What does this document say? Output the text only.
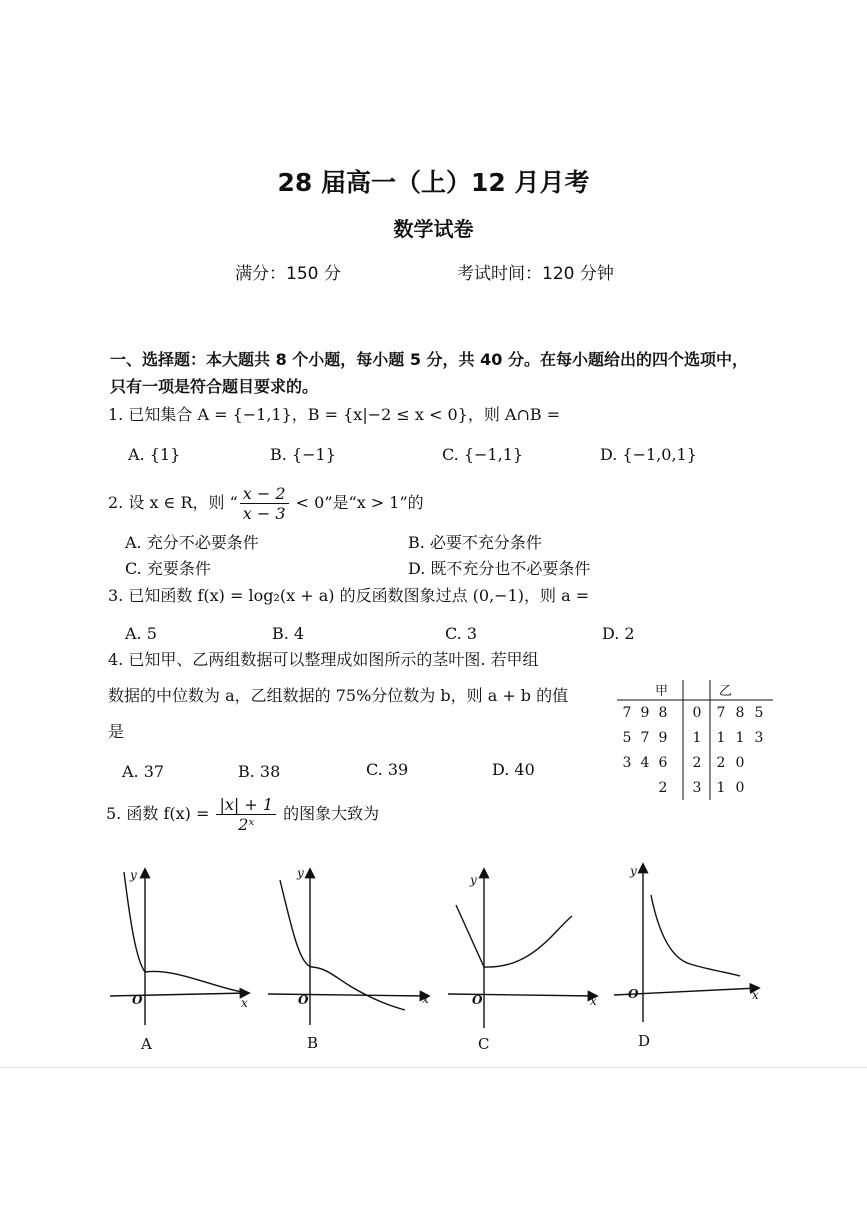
28 届高一（上）12 月月考
数学试卷
满分：150 分	考试时间：120 分钟
一、选择题：本大题共 8 个小题，每小题 5 分，共 40 分。在每小题给出的四个选项中，
只有一项是符合题目要求的。
1. 已知集合 A = {−1,1}，B = {x|−2 ≤ x < 0}，则 A∩B =
A. {1}	B. {−1}	C. {−1,1}	D. {−1,0,1}
2. 设 x ∈ R，则 “ $\frac{x - 2}{x - 3} < 0$”是“x > 1”的
A. 充分不必要条件	B. 必要不充分条件
C. 充要条件	D. 既不充分也不必要条件
3. 已知函数 f(x) = log₂(x + a) 的反函数图象过点 (0,−1)，则 a =
A. 5	B. 4	C. 3	D. 2
4. 已知甲、乙两组数据可以整理成如图所示的茎叶图. 若甲组
数据的中位数为 a，乙组数据的 75%分位数为 b，则 a + b 的值
是
A. 37	B. 38	C. 39	D. 40
甲	乙
7 9 8	0	7 8 5
5 7 9	1	1 1 3
3 4 6	2	2 0
2	3	1 0
5. 函数 $f(x) = \frac{|x| + 1}{\text{2ˣ}}$ 的图象大致为
y
x
O
y
x
O
y
x
O
y
x
O
A	B	C	D
